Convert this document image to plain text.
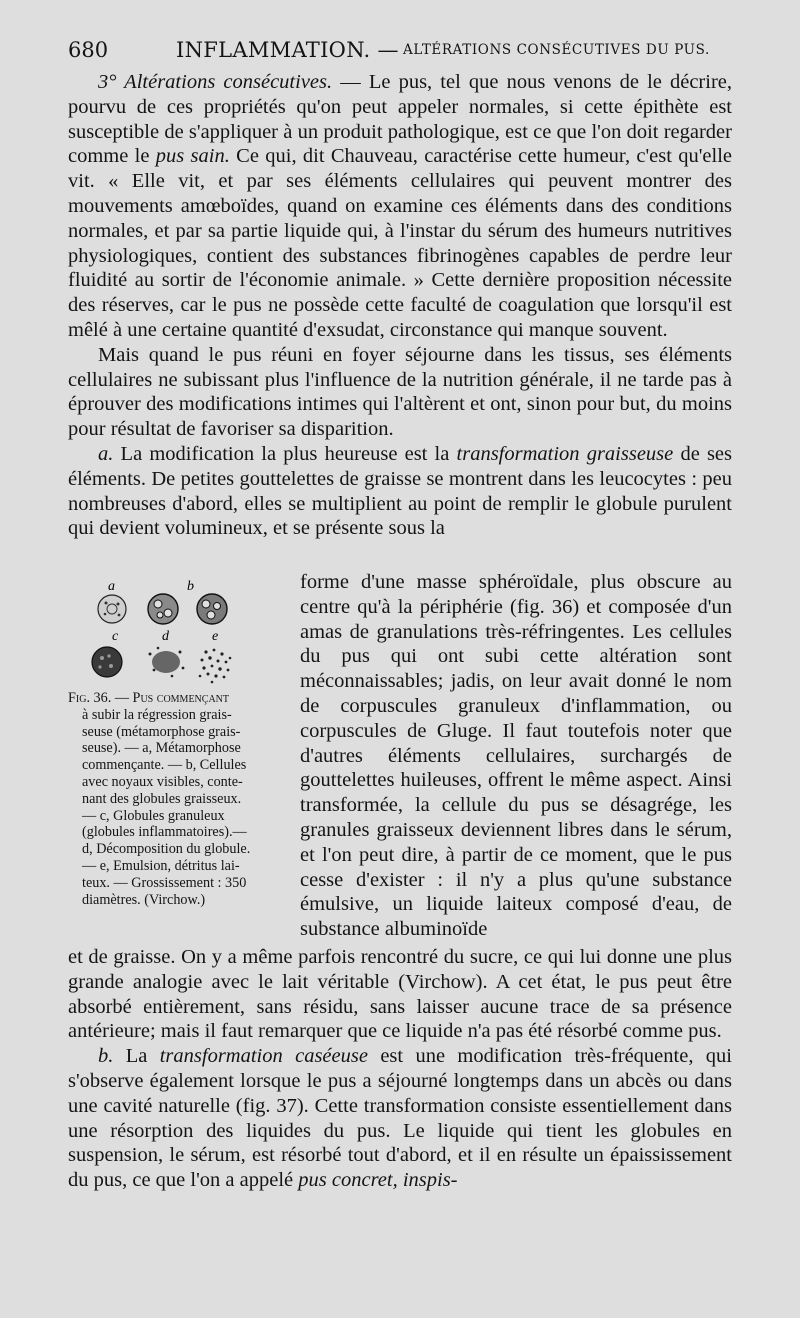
680	INFLAMMATION. — ALTÉRATIONS CONSÉCUTIVES DU PUS.

3° Altérations consécutives. — Le pus, tel que nous venons de le décrire, pourvu de ces propriétés qu'on peut appeler normales, si cette épithète est susceptible de s'appliquer à un produit pathologique, est ce que l'on doit regarder comme le pus sain. Ce qui, dit Chauveau, caractérise cette humeur, c'est qu'elle vit. « Elle vit, et par ses éléments cellulaires qui peuvent montrer des mouvements amœboïdes, quand on examine ces éléments dans des conditions normales, et par sa partie liquide qui, à l'instar du sérum des humeurs nutritives physiologiques, contient des substances fibrinogènes capables de perdre leur fluidité au sortir de l'économie animale. » Cette dernière proposition nécessite des réserves, car le pus ne possède cette faculté de coagulation que lorsqu'il est mêlé à une certaine quantité d'exsudat, circonstance qui manque souvent.

Mais quand le pus réuni en foyer séjourne dans les tissus, ses éléments cellulaires ne subissant plus l'influence de la nutrition générale, il ne tarde pas à éprouver des modifications intimes qui l'altèrent et ont, sinon pour but, du moins pour résultat de favoriser sa disparition.

a. La modification la plus heureuse est la transformation graisseuse de ses éléments. De petites gouttelettes de graisse se montrent dans les leucocytes : peu nombreuses d'abord, elles se multiplient au point de remplir le globule purulent qui devient volumineux, et se présente sous la

a	b
c	d	e
Fig. 36. — Pus commençant
à subir la régression grais-
seuse (métamorphose grais-
seuse). — a, Métamorphose
commençante. — b, Cellules
avec noyaux visibles, conte-
nant des globules graisseux.
— c, Globules granuleux
(globules inflammatoires).—
d, Décomposition du globule.
— e, Emulsion, détritus lai-
teux. — Grossissement : 350
diamètres. (Virchow.)
forme d'une masse sphéroïdale, plus obscure au centre qu'à la périphérie (fig. 36) et composée d'un amas de granulations très-réfringentes. Les cellules du pus qui ont subi cette altération sont méconnaissables; jadis, on leur avait donné le nom de corpuscules granuleux d'inflammation, ou corpuscules de Gluge. Il faut toutefois noter que d'autres éléments cellulaires, surchargés de gouttelettes huileuses, offrent le même aspect. Ainsi transformée, la cellule du pus se désagrége, les granules graisseux deviennent libres dans le sérum, et l'on peut dire, à partir de ce moment, que le pus cesse d'exister : il n'y a plus qu'une substance émulsive, un liquide laiteux composé d'eau, de substance albuminoïde

et de graisse. On y a même parfois rencontré du sucre, ce qui lui donne une plus grande analogie avec le lait véritable (Virchow). A cet état, le pus peut être absorbé entièrement, sans résidu, sans laisser aucune trace de sa présence antérieure; mais il faut remarquer que ce liquide n'a pas été résorbé comme pus.

b. La transformation caséeuse est une modification très-fréquente, qui s'observe également lorsque le pus a séjourné longtemps dans un abcès ou dans une cavité naturelle (fig. 37). Cette transformation consiste essentiellement dans une résorption des liquides du pus. Le liquide qui tient les globules en suspension, le sérum, est résorbé tout d'abord, et il en résulte un épaississement du pus, ce que l'on a appelé pus concret, inspis-
